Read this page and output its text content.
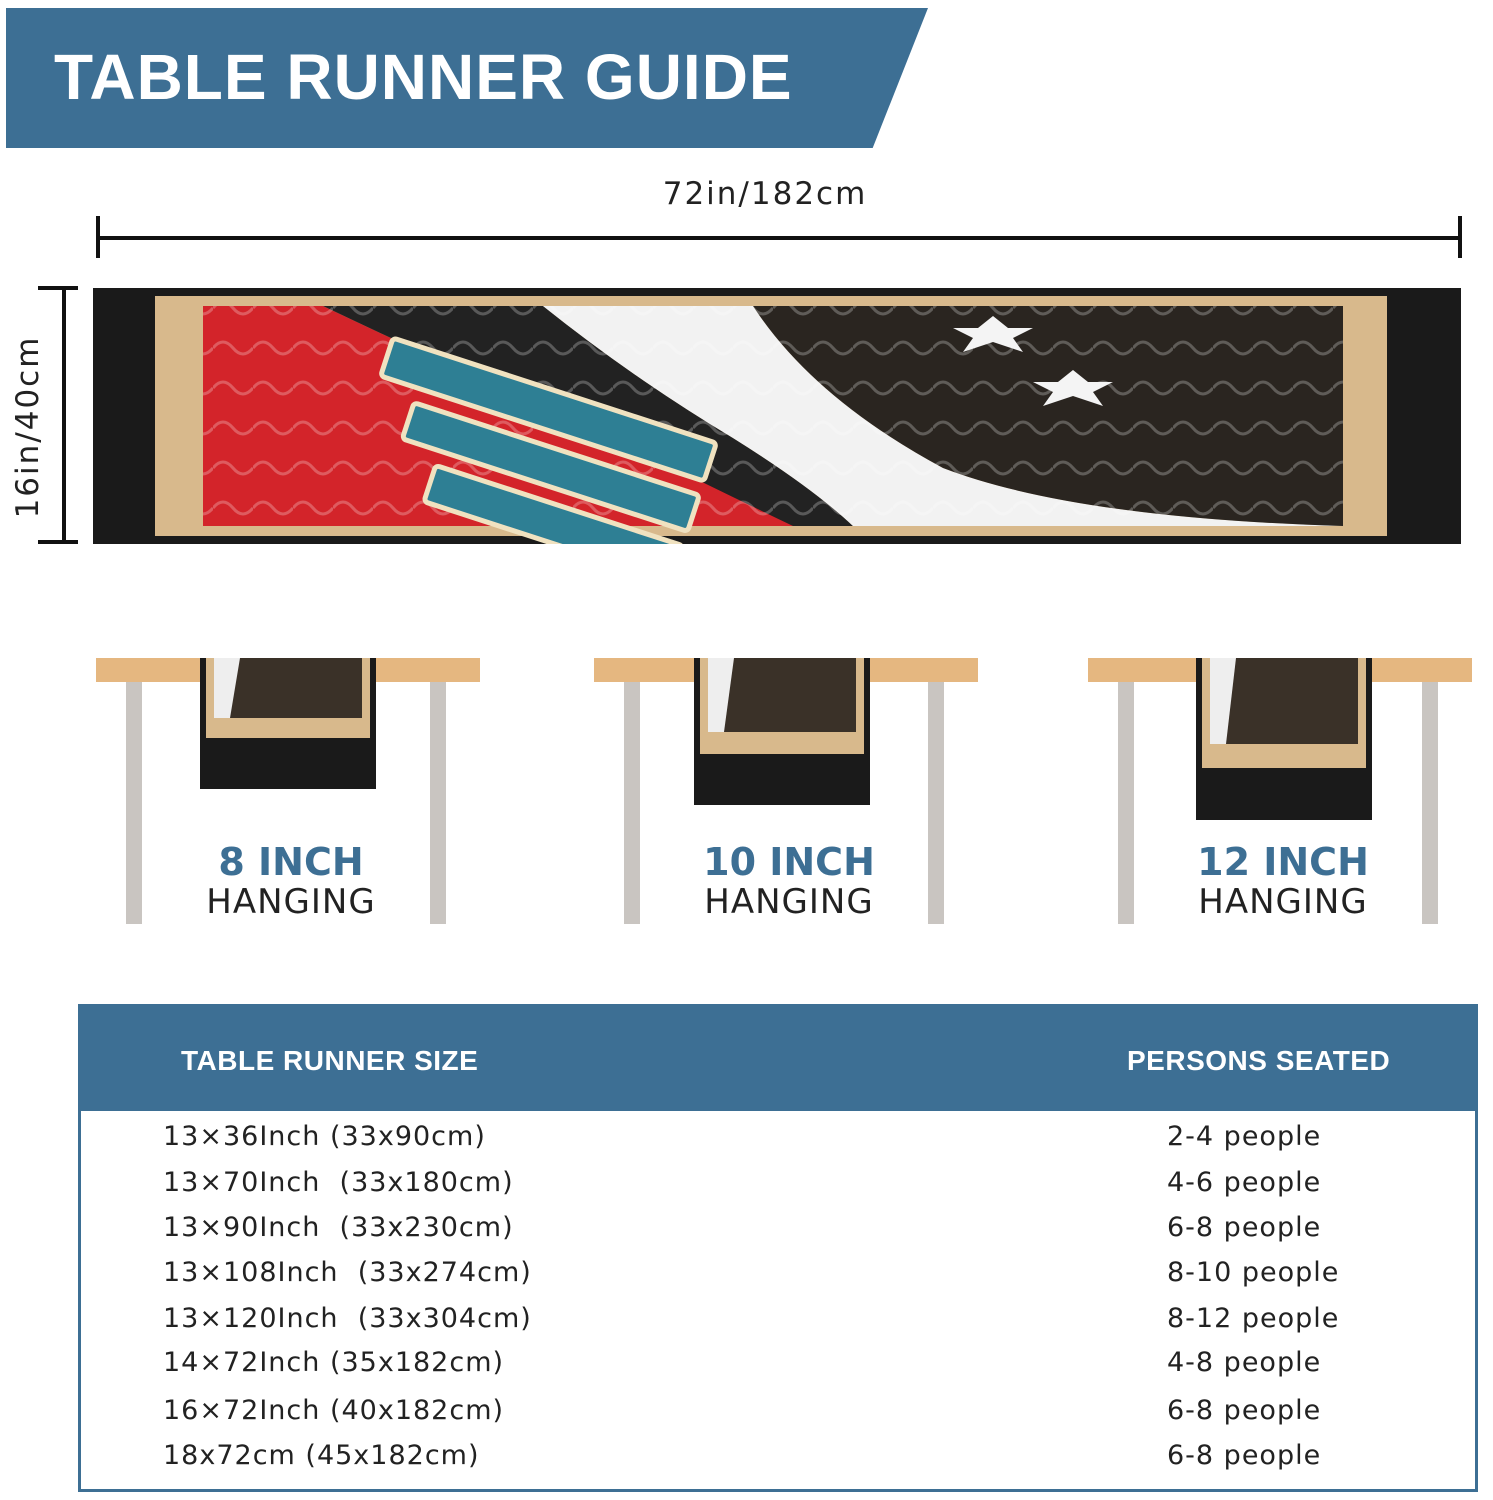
TABLE RUNNER GUIDE
72in/182cm
16in/40cm
8 INCH
HANGING
10 INCH
HANGING
12 INCH
HANGING
TABLE RUNNER SIZE	PERSONS SEATED
13×36Inch (33x90cm)	2-4 people
13×70Inch  (33x180cm)	4-6 people
13×90Inch  (33x230cm)	6-8 people
13×108Inch  (33x274cm)	8-10 people
13×120Inch  (33x304cm)	8-12 people
14×72Inch (35x182cm)	4-8 people
16×72Inch (40x182cm)	6-8 people
18x72cm (45x182cm)	6-8 people
